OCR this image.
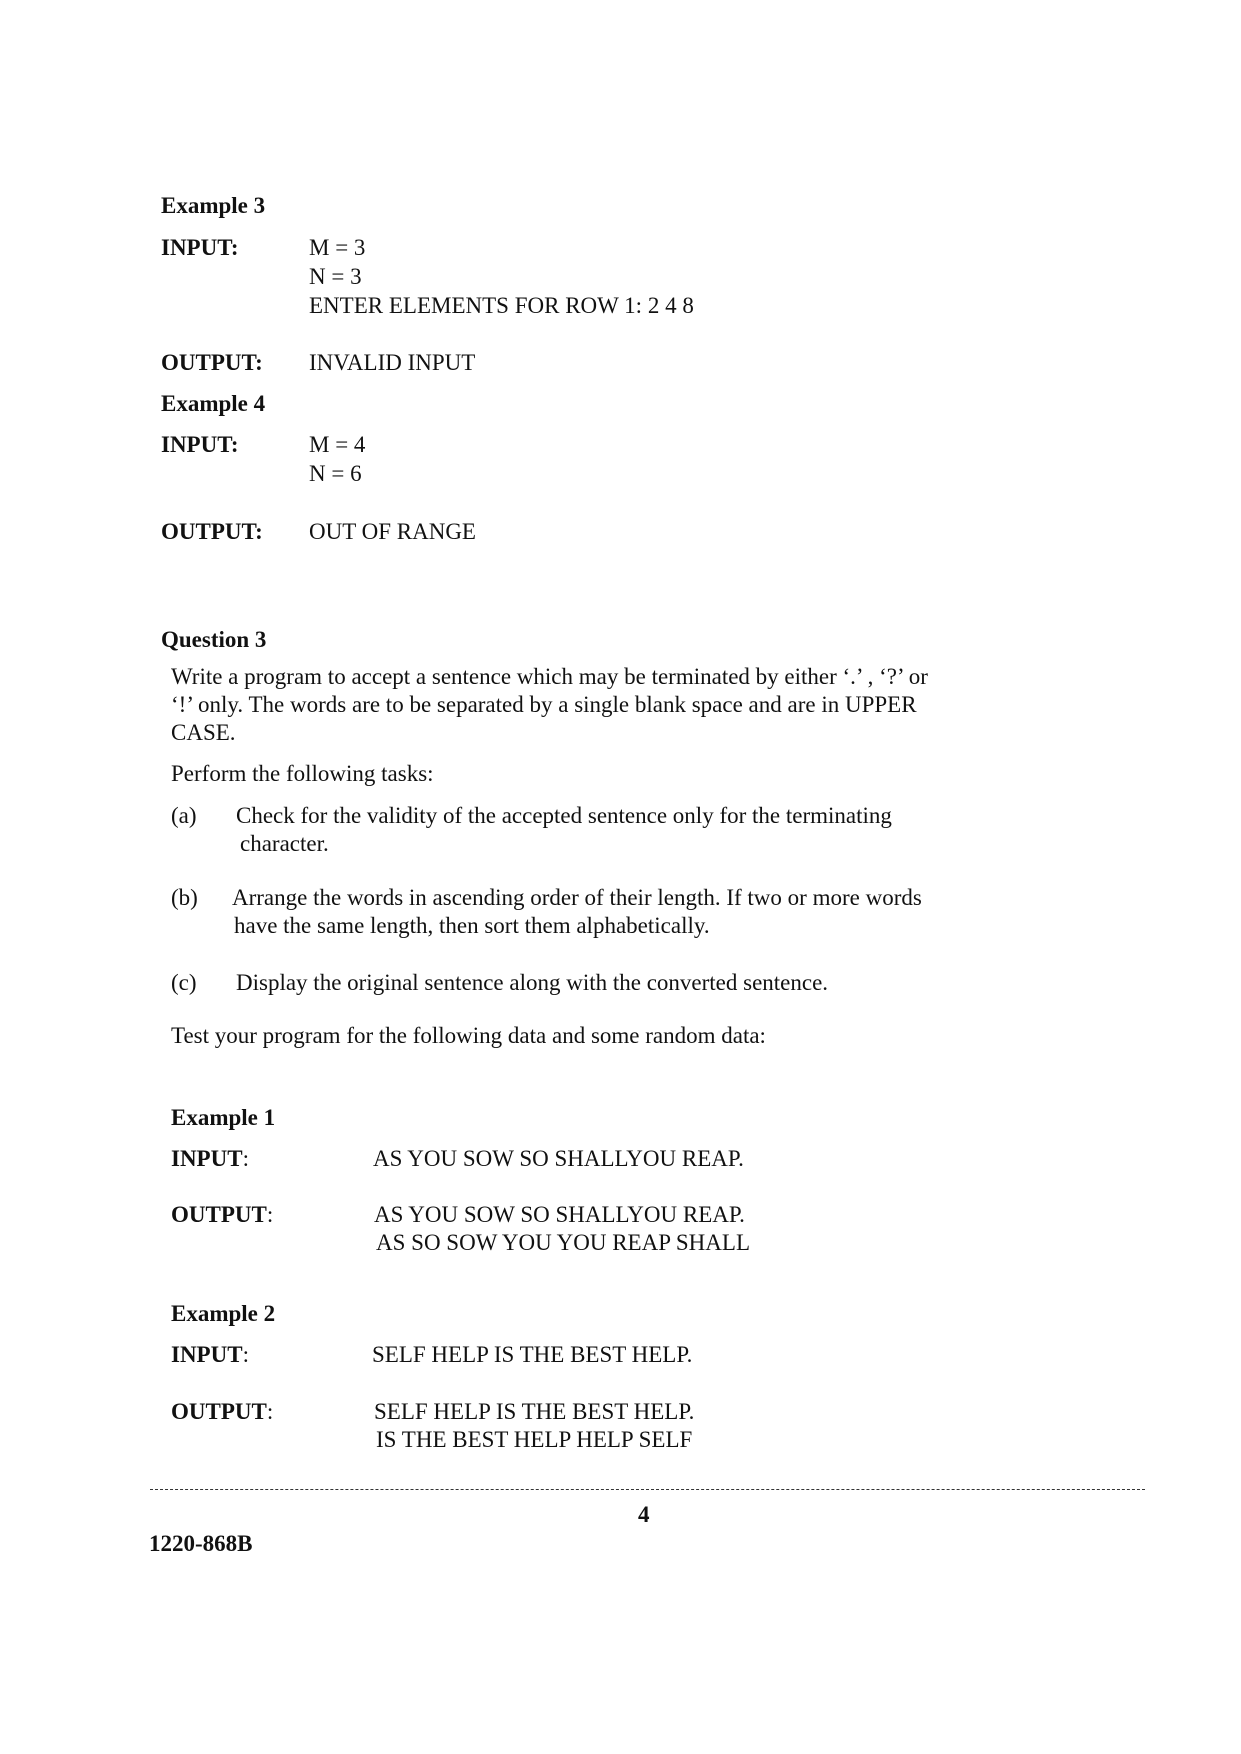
Example 3
INPUT:	M = 3
N = 3
ENTER ELEMENTS FOR ROW 1: 2 4 8
OUTPUT: INVALID INPUT
Example 4
INPUT:	M = 4
N = 6
OUTPUT: OUT OF RANGE
Question 3
Write a program to accept a sentence which may be terminated by either ‘.’ , ‘?’ or
‘!’ only. The words are to be separated by a single blank space and are in UPPER
CASE.
Perform the following tasks:
(a) Check for the validity of the accepted sentence only for the terminating
character.
(b) Arrange the words in ascending order of their length. If two or more words
have the same length, then sort them alphabetically.
(c) Display the original sentence along with the converted sentence.
Test your program for the following data and some random data:
Example 1
INPUT:	AS YOU SOW SO SHALLYOU REAP.
OUTPUT:	AS YOU SOW SO SHALLYOU REAP.
AS SO SOW YOU YOU REAP SHALL
Example 2
INPUT:	SELF HELP IS THE BEST HELP.
OUTPUT:	SELF HELP IS THE BEST HELP.
IS THE BEST HELP HELP SELF
4
1220-868B
